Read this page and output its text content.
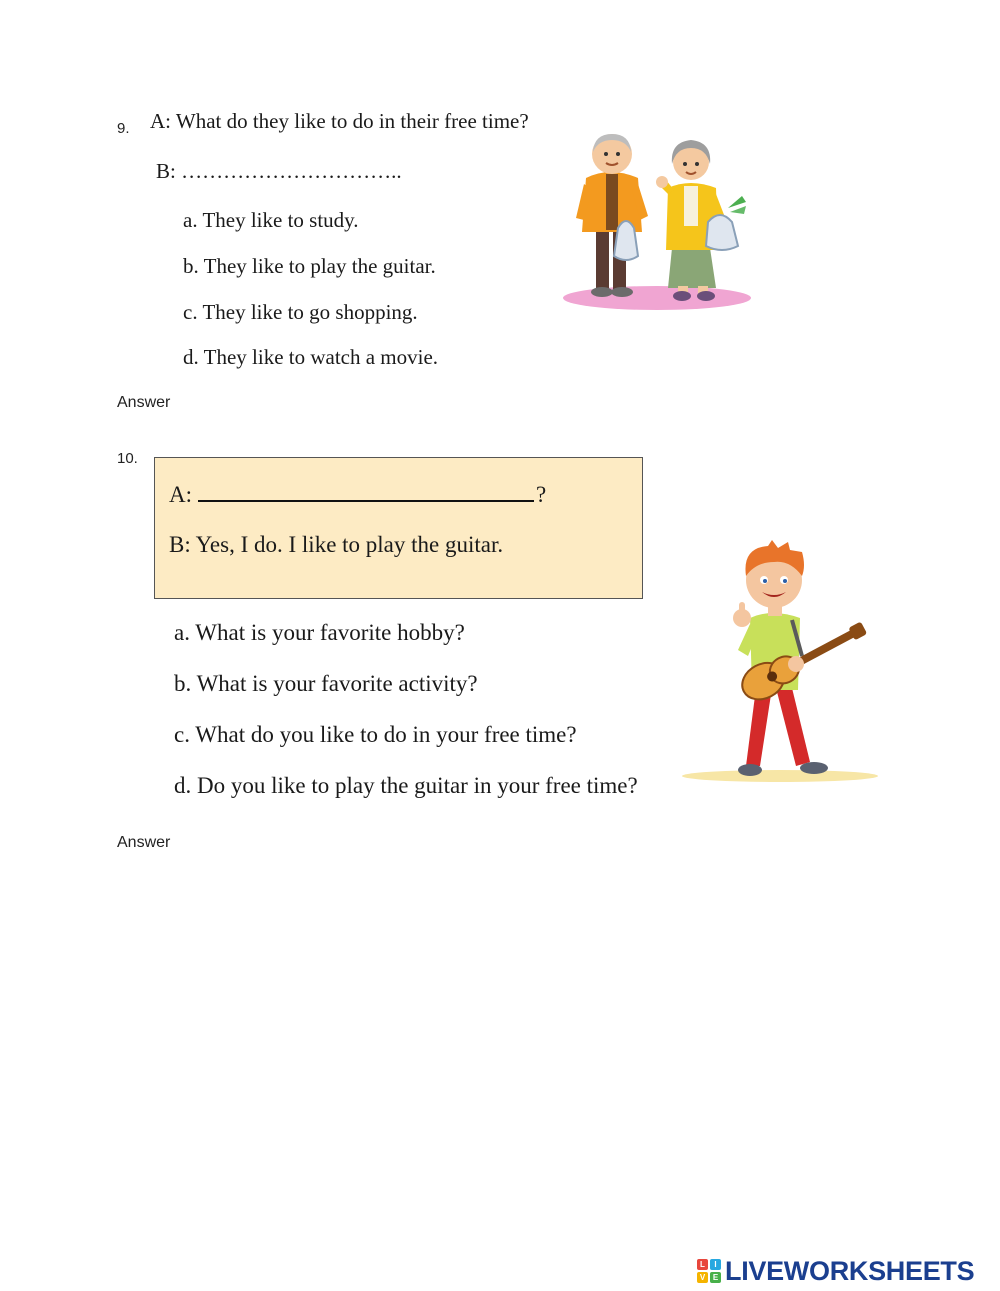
9. A: What do they like to do in their free time?
B: …………………………..
a. They like to study.
b. They like to play the guitar.
c. They like to go shopping.
d. They like to watch a movie.
Answer
10.
A:	?
B: Yes, I do. I like to play the guitar.
a. What is your favorite hobby?
b. What is your favorite activity?
c. What do you like to do in your free time?
d. Do you like to play the guitar in your free time?
Answer
L	I
V E LIVEWORKSHEETS
